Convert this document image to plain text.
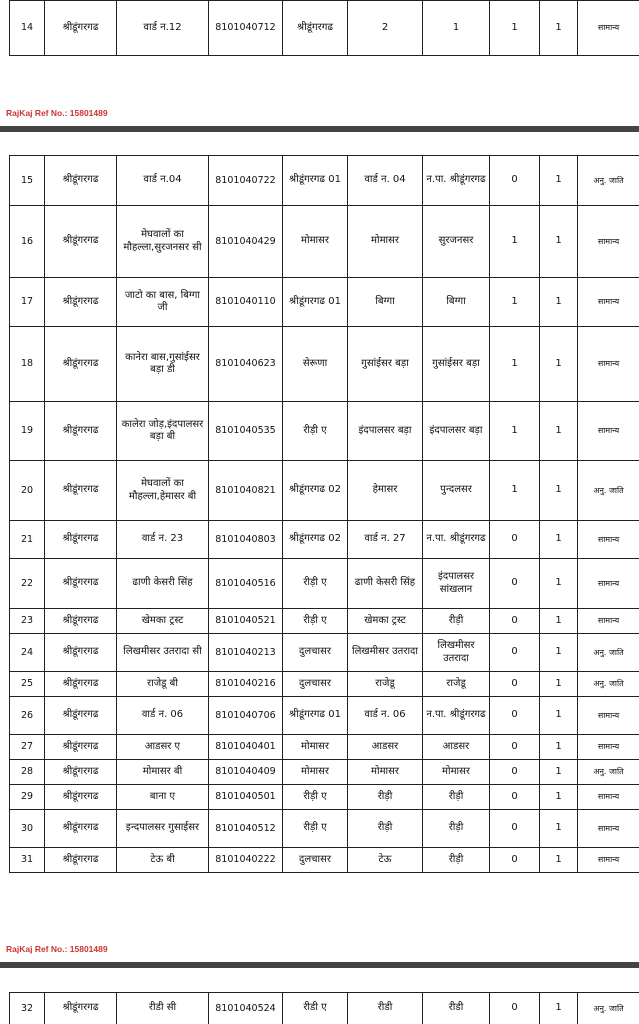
14	श्रीडूंगरगढ	वार्ड न.12	8101040712	श्रीडूंगरगढ	2	1	1	1	सामान्य
RajKaj Ref No.: 15801489
15	श्रीडूंगरगढ	वार्ड न.04	8101040722	श्रीडूंगरगढ 01	वार्ड न. 04	न.पा. श्रीडूंगरगढ	0	1	अनु. जाति
16	श्रीडूंगरगढ	मेघवालों का मौहल्ला,सुरजनसर सी	8101040429	मोमासर	मोमासर	सुरजनसर	1	1	सामान्य
17	श्रीडूंगरगढ	जाटो का बास, बिग्गा जी	8101040110	श्रीडूंगरगढ 01	बिग्गा	बिग्गा	1	1	सामान्य
18	श्रीडूंगरगढ	कानेरा बास,गुसांईसर बड़ा डी	8101040623	सेरूणा	गुसांईसर बड़ा	गुसांईसर बड़ा	1	1	सामान्य
19	श्रीडूंगरगढ	कालेरा जोड़,इंदपालसर बड़ा बी	8101040535	रीड़ी ए	इंदपालसर बड़ा	इंदपालसर बड़ा	1	1	सामान्य
20	श्रीडूंगरगढ	मेघवालों का मौहल्ला,हेमासर बी	8101040821	श्रीडूंगरगढ 02	हेमासर	पुन्दलसर	1	1	अनु. जाति
21	श्रीडूंगरगढ	वार्ड न. 23	8101040803	श्रीडूंगरगढ 02	वार्ड न. 27	न.पा. श्रीडूंगरगढ	0	1	सामान्य
22	श्रीडूंगरगढ	ढाणी केसरी सिंह	8101040516	रीड़ी ए	ढाणी केसरी सिंह	इंदपालसर सांखलान	0	1	सामान्य
23	श्रीडूंगरगढ	खेमका ट्रस्ट	8101040521	रीड़ी ए	खेमका ट्रस्ट	रीड़ी	0	1	सामान्य
24	श्रीडूंगरगढ	लिखमीसर उतरादा सी	8101040213	दुलचासर	लिखमीसर उतरादा	लिखमीसर उतरादा	0	1	अनु. जाति
25	श्रीडूंगरगढ	राजेडू बी	8101040216	दुलचासर	राजेडू	राजेडू	0	1	अनु. जाति
26	श्रीडूंगरगढ	वार्ड न. 06	8101040706	श्रीडूंगरगढ 01	वार्ड न. 06	न.पा. श्रीडूंगरगढ	0	1	सामान्य
27	श्रीडूंगरगढ	आडसर ए	8101040401	मोमासर	आडसर	आडसर	0	1	सामान्य
28	श्रीडूंगरगढ	मोमासर बी	8101040409	मोमासर	मोमासर	मोमासर	0	1	अनु. जाति
29	श्रीडूंगरगढ	बाना ए	8101040501	रीड़ी ए	रीड़ी	रीड़ी	0	1	सामान्य
30	श्रीडूंगरगढ	इन्दपालसर गुसाईसर	8101040512	रीड़ी ए	रीड़ी	रीड़ी	0	1	सामान्य
31	श्रीडूंगरगढ	टेऊ बी	8101040222	दुलचासर	टेऊ	रीड़ी	0	1	सामान्य
RajKaj Ref No.: 15801489
32	श्रीडूंगरगढ	रीडी सी	8101040524	रीडी ए	रीडी	रीडी	0	1	अनु. जाति
